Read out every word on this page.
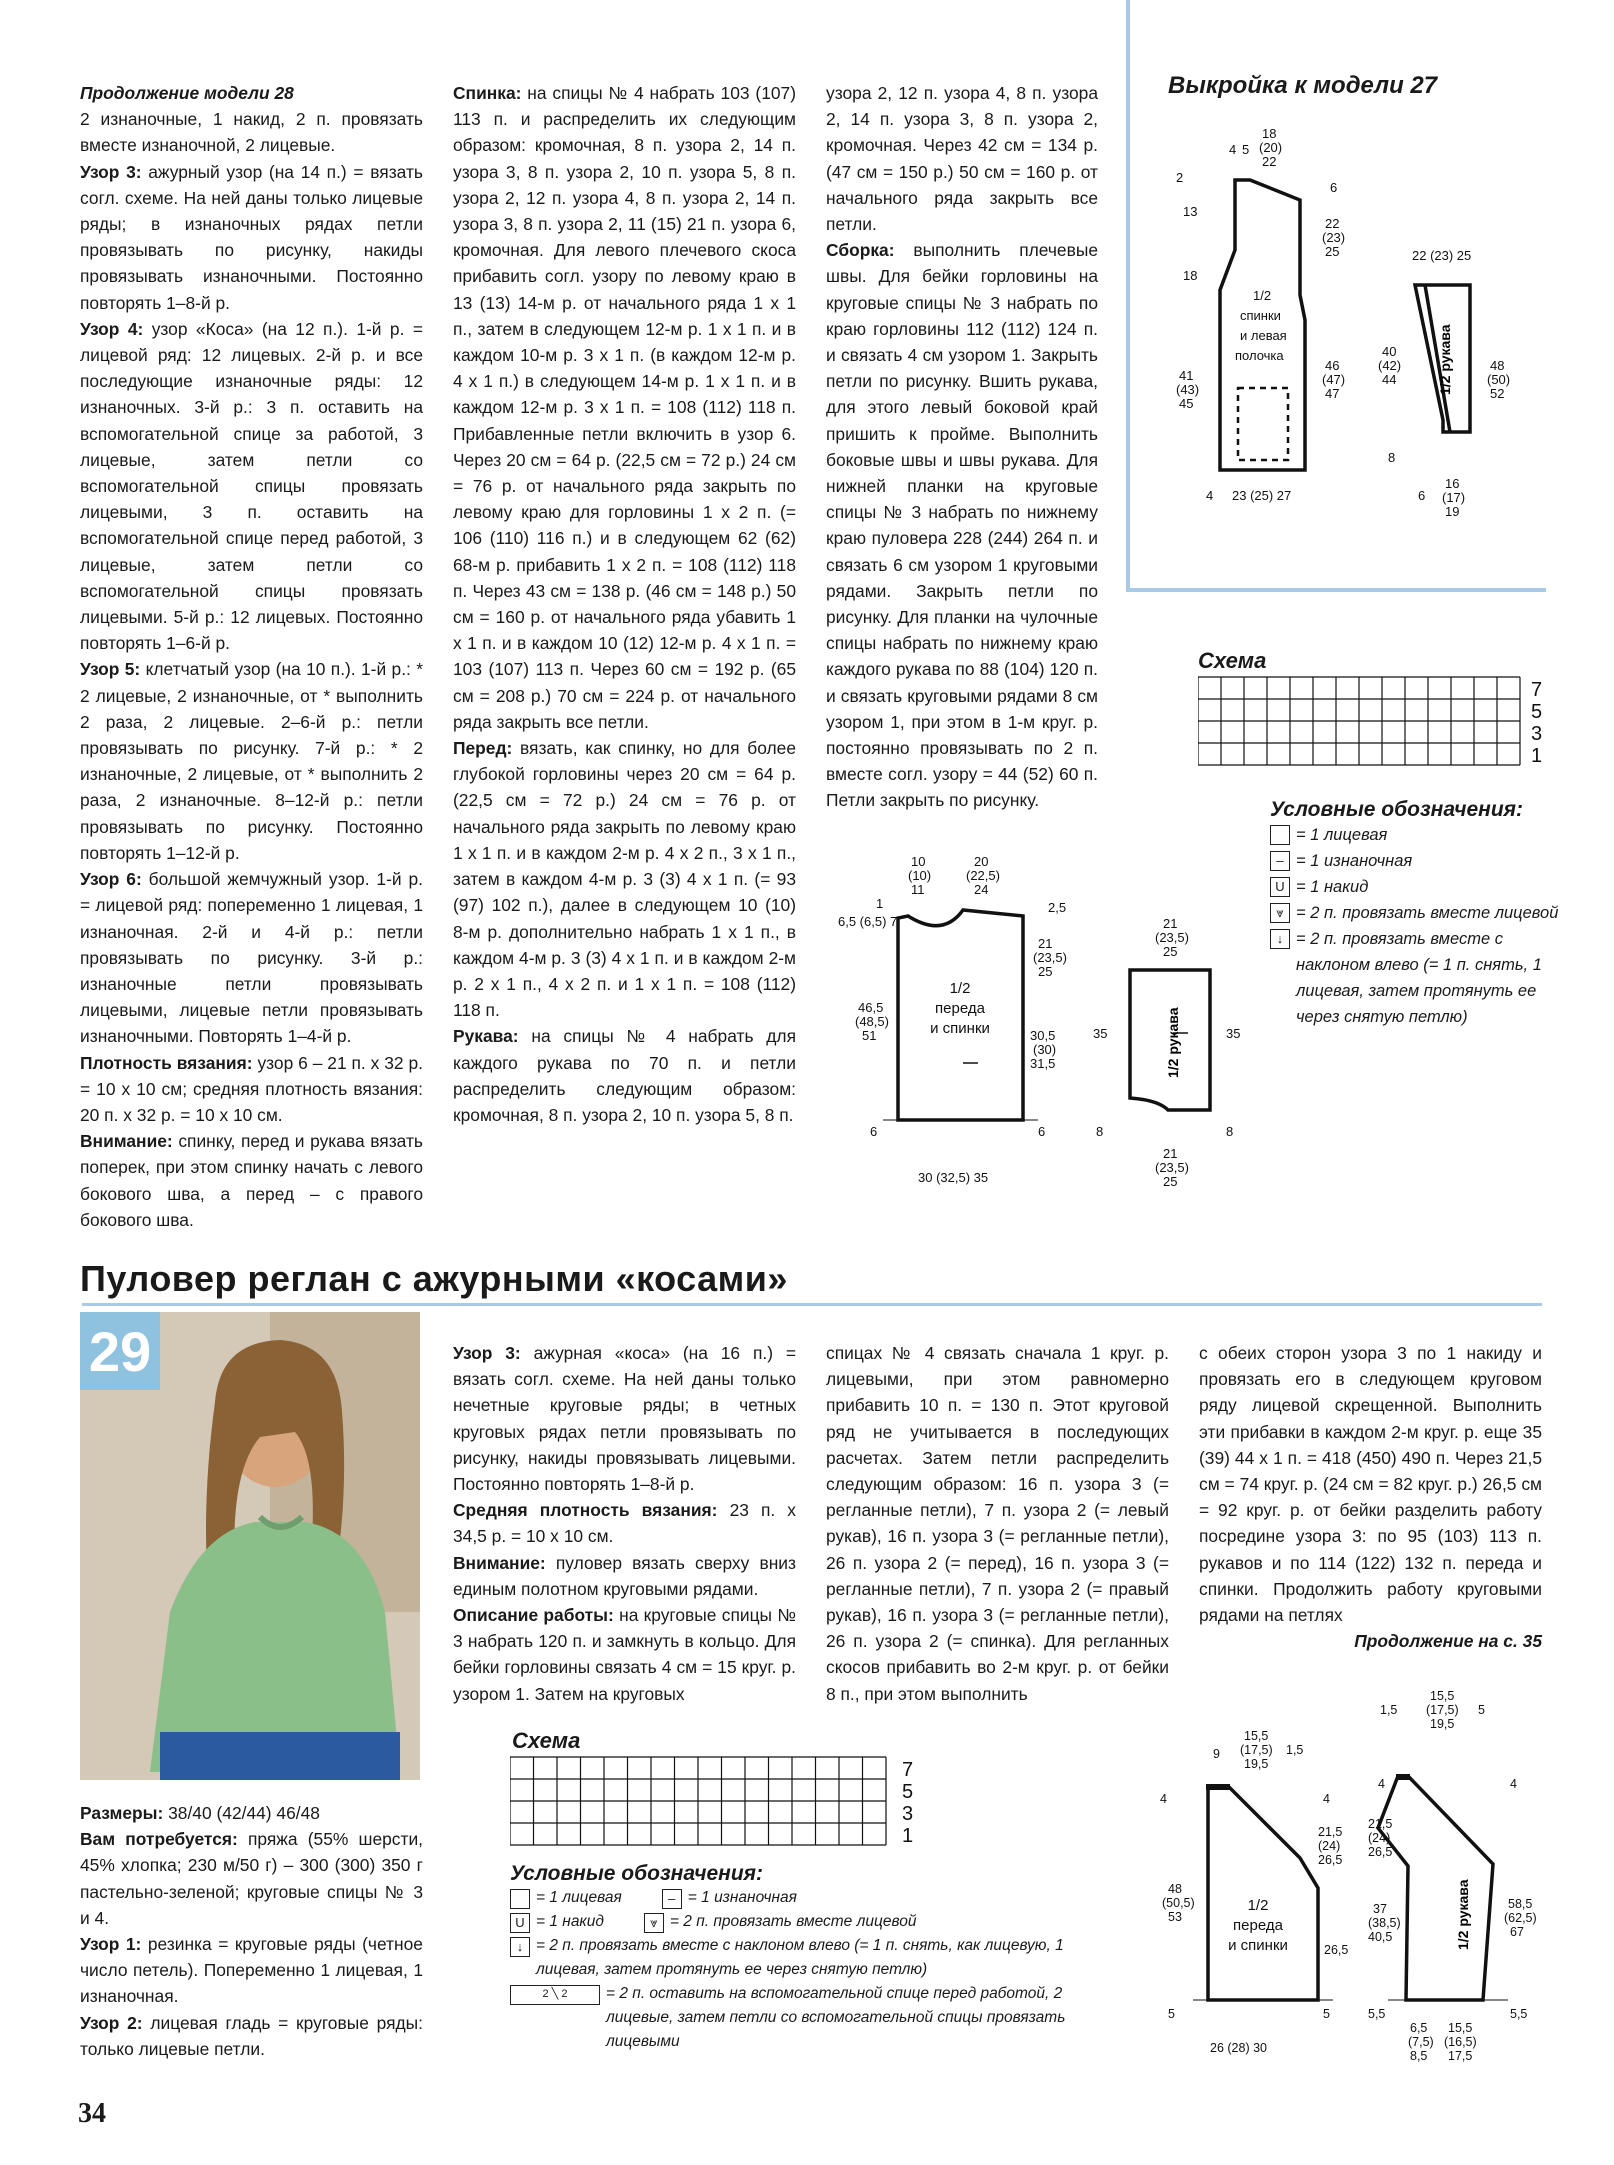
Продолжение модели 28

2 изнаночные, 1 накид, 2 п. провязать вместе изнаночной, 2 лицевые.

Узор 3: ажурный узор (на 14 п.) = вязать согл. схеме. На ней даны только лицевые ряды; в изнаночных рядах петли провязывать по рисунку, накиды провязывать изнаночными. Постоянно повторять 1–8-й р.

Узор 4: узор «Коса» (на 12 п.). 1-й р. = лицевой ряд: 12 лицевых. 2-й р. и все последующие изнаночные ряды: 12 изнаночных. 3-й р.: 3 п. оставить на вспомогательной спице за работой, 3 лицевые, затем петли со вспомогательной спицы провязать лицевыми, 3 п. оставить на вспомогательной спице перед работой, 3 лицевые, затем петли со вспомогательной спицы провязать лицевыми. 5-й р.: 12 лицевых. Постоянно повторять 1–6-й р.

Узор 5: клетчатый узор (на 10 п.). 1-й р.: * 2 лицевые, 2 изнаночные, от * выполнить 2 раза, 2 лицевые. 2–6-й р.: петли провязывать по рисунку. 7-й р.: * 2 изнаночные, 2 лицевые, от * выполнить 2 раза, 2 изнаночные. 8–12-й р.: петли провязывать по рисунку. Постоянно повторять 1–12-й р.

Узор 6: большой жемчужный узор. 1-й р. = лицевой ряд: попеременно 1 лицевая, 1 изнаночная. 2-й и 4-й р.: петли провязывать по рисунку. 3-й р.: изнаночные петли провязывать лицевыми, лицевые петли провязывать изнаночными. Повторять 1–4-й р.

Плотность вязания: узор 6 – 21 п. х 32 р. = 10 х 10 см; средняя плотность вязания: 20 п. х 32 р. = 10 х 10 см.

Внимание: спинку, перед и рукава вязать поперек, при этом спинку начать с левого бокового шва, а перед – с правого бокового шва.

Спинка: на спицы № 4 набрать 103 (107) 113 п. и распределить их следующим образом: кромочная, 8 п. узора 2, 14 п. узора 3, 8 п. узора 2, 10 п. узора 5, 8 п. узора 2, 12 п. узора 4, 8 п. узора 2, 14 п. узора 3, 8 п. узора 2, 11 (15) 21 п. узора 6, кромочная. Для левого плечевого скоса прибавить согл. узору по левому краю в 13 (13) 14-м р. от начального ряда 1 х 1 п., затем в следующем 12-м р. 1 х 1 п. и в каждом 10-м р. 3 х 1 п. (в каждом 12-м р. 4 х 1 п.) в следующем 14-м р. 1 х 1 п. и в каждом 12-м р. 3 х 1 п. = 108 (112) 118 п. Прибавленные петли включить в узор 6. Через 20 см = 64 р. (22,5 см = 72 р.) 24 см = 76 р. от начального ряда закрыть по левому краю для горловины 1 х 2 п. (= 106 (110) 116 п.) и в следующем 62 (62) 68-м р. прибавить 1 х 2 п. = 108 (112) 118 п. Через 43 см = 138 р. (46 см = 148 р.) 50 см = 160 р. от начального ряда убавить 1 х 1 п. и в каждом 10 (12) 12-м р. 4 х 1 п. = 103 (107) 113 п. Через 60 см = 192 р. (65 см = 208 р.) 70 см = 224 р. от начального ряда закрыть все петли.

Перед: вязать, как спинку, но для более глубокой горловины через 20 см = 64 р. (22,5 см = 72 р.) 24 см = 76 р. от начального ряда закрыть по левому краю 1 х 1 п. и в каждом 2-м р. 4 х 2 п., 3 х 1 п., затем в каждом 4-м р. 3 (3) 4 х 1 п. (= 93 (97) 102 п.), далее в следующем 10 (10) 8-м р. дополнительно набрать 1 х 1 п., в каждом 4-м р. 3 (3) 4 х 1 п. и в каждом 2-м р. 2 х 1 п., 4 х 2 п. и 1 х 1 п. = 108 (112) 118 п.

Рукава: на спицы № 4 набрать для каждого рукава по 70 п. и петли распределить следующим образом: кромочная, 8 п. узора 2, 10 п. узора 5, 8 п.

узора 2, 12 п. узора 4, 8 п. узора 2, 14 п. узора 3, 8 п. узора 2, кромочная. Через 42 см = 134 р. (47 см = 150 р.) 50 см = 160 р. от начального ряда закрыть все петли.

Сборка: выполнить плечевые швы. Для бейки горловины на круговые спицы № 3 набрать по краю горловины 112 (112) 124 п. и связать 4 см узором 1. Закрыть петли по рисунку. Вшить рукава, для этого левый боковой край пришить к пройме. Выполнить боковые швы и швы рукава. Для нижней планки на круговые спицы № 3 набрать по нижнему краю пуловера 228 (244) 264 п. и связать 6 см узором 1 круговыми рядами. Закрыть петли по рисунку. Для планки на чулочные спицы набрать по нижнему краю каждого рукава по 88 (104) 120 п. и связать круговыми рядами 8 см узором 1, при этом в 1-м круг. р. постоянно провязывать по 2 п. вместе согл. узору = 44 (52) 60 п. Петли закрыть по рисунку.

Выкройка к модели 27
4 5
18
(20)
22
2
13
18
41
(43)
45
6
22
(23)
25
46
(47)
47
4 23 (25) 27
1/2
спинки
и левая
полочка
22 (23) 25
40
(42)
44
48
(50)
52
8
6
16
(17)
19
1/2 рукава
Схема
7
5
3
1
Условные обозначения:
= 1 лицевая
– = 1 изнаночная
U = 1 накид
⩔ = 2 п. провязать вместе лицевой
↓ = 2 п. провязать вместе с наклоном влево (= 1 п. снять, 1 лицевая, затем протянуть ее через снятую петлю)
10
(10)
11
20
(22,5)
24
6,5 (6,5) 7
1	2,5
21
(23,5)
25
46,5
(48,5)
51	30,5
(30)
31,5
6	6
30 (32,5) 35
21
(23,5)
25
35	35
8	8
21
(23,5)
25
1/2
переда
и спинки	1/2 рукава
Пуловер реглан с ажурными «косами»
29

Размеры: 38/40 (42/44) 46/48

Вам потребуется: пряжа (55% шерсти, 45% хлопка; 230 м/50 г) – 300 (300) 350 г пастельно-зеленой; круговые спицы № 3 и 4.

Узор 1: резинка = круговые ряды (четное число петель). Попеременно 1 лицевая, 1 изнаночная.

Узор 2: лицевая гладь = круговые ряды: только лицевые петли.

Узор 3: ажурная «коса» (на 16 п.) = вязать согл. схеме. На ней даны только нечетные круговые ряды; в четных круговых рядах петли провязывать по рисунку, накиды провязывать лицевыми. Постоянно повторять 1–8-й р.

Средняя плотность вязания: 23 п. х 34,5 р. = 10 х 10 см.

Внимание: пуловер вязать сверху вниз единым полотном круговыми рядами.

Описание работы: на круговые спицы № 3 набрать 120 п. и замкнуть в кольцо. Для бейки горловины связать 4 см = 15 круг. р. узором 1. Затем на круговых

спицах № 4 связать сначала 1 круг. р. лицевыми, при этом равномерно прибавить 10 п. = 130 п. Этот круговой ряд не учитывается в последующих расчетах. Затем петли распределить следующим образом: 16 п. узора 3 (= регланные петли), 7 п. узора 2 (= левый рукав), 16 п. узора 3 (= регланные петли), 26 п. узора 2 (= перед), 16 п. узора 3 (= регланные петли), 7 п. узора 2 (= правый рукав), 16 п. узора 3 (= регланные петли), 26 п. узора 2 (= спинка). Для регланных скосов прибавить во 2-м круг. р. от бейки 8 п., при этом выполнить

с обеих сторон узора 3 по 1 накиду и провязать его в следующем круговом ряду лицевой скрещенной. Выполнить эти прибавки в каждом 2-м круг. р. еще 35 (39) 44 х 1 п. = 418 (450) 490 п. Через 21,5 см = 74 круг. р. (24 см = 82 круг. р.) 26,5 см = 92 круг. р. от бейки разделить работу посредине узора 3: по 95 (103) 113 п. рукавов и по 114 (122) 132 п. переда и спинки. Продолжить работу круговыми рядами на петлях

Продолжение на с. 35

Схема
7
5
3
1
Условные обозначения:
= 1 лицевая	– = 1 изнаночная
U = 1 накид	⩔ = 2 п. провязать вместе лицевой
↓ = 2 п. провязать вместе с наклоном влево (= 1 п. снять, как лицевую, 1 лицевая, затем протянуть ее через снятую петлю)
2 ╲ 2	= 2 п. оставить на вспомогательной спице перед работой, 2 лицевые, затем петли со вспомогательной спицы провязать лицевыми
9
15,5
(17,5)
19,5
1,5
4	4
21,5
(24)
26,5
48
(50,5)
53
26,5
5	5
26 (28) 30
1,5
15,5
(17,5)
19,5
5
4	4
21,5
(24)
26,5
37
(38,5)
40,5
58,5
(62,5)
67
5,5	5,5
6,5
(7,5)
8,5
15,5
(16,5)
17,5
1/2
переда
и спинки	1/2 рукава
34
